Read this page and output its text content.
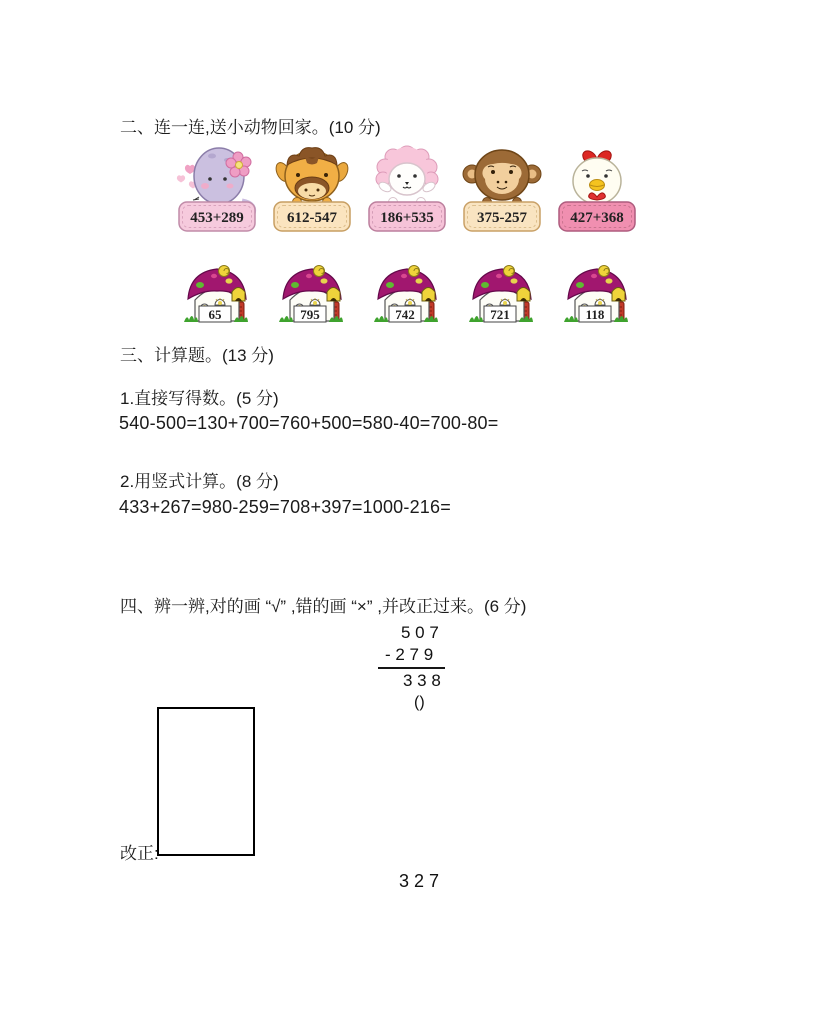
二、连一连,送小动物回家。(10 分)
453+289	612-547	186+535	375-257	427+368
65	795	742	721	118
三、计算题。(13 分)
1.直接写得数。(5 分)
540-500=130+700=760+500=580-40=700-80=
2.用竖式计算。(8 分)
433+267=980-259=708+397=1000-216=
四、辨一辨,对的画 “√” ,错的画 “×” ,并改正过来。(6 分)
5 0 7
- 2 7 9
3 3 8
()
改正:
3 2 7
